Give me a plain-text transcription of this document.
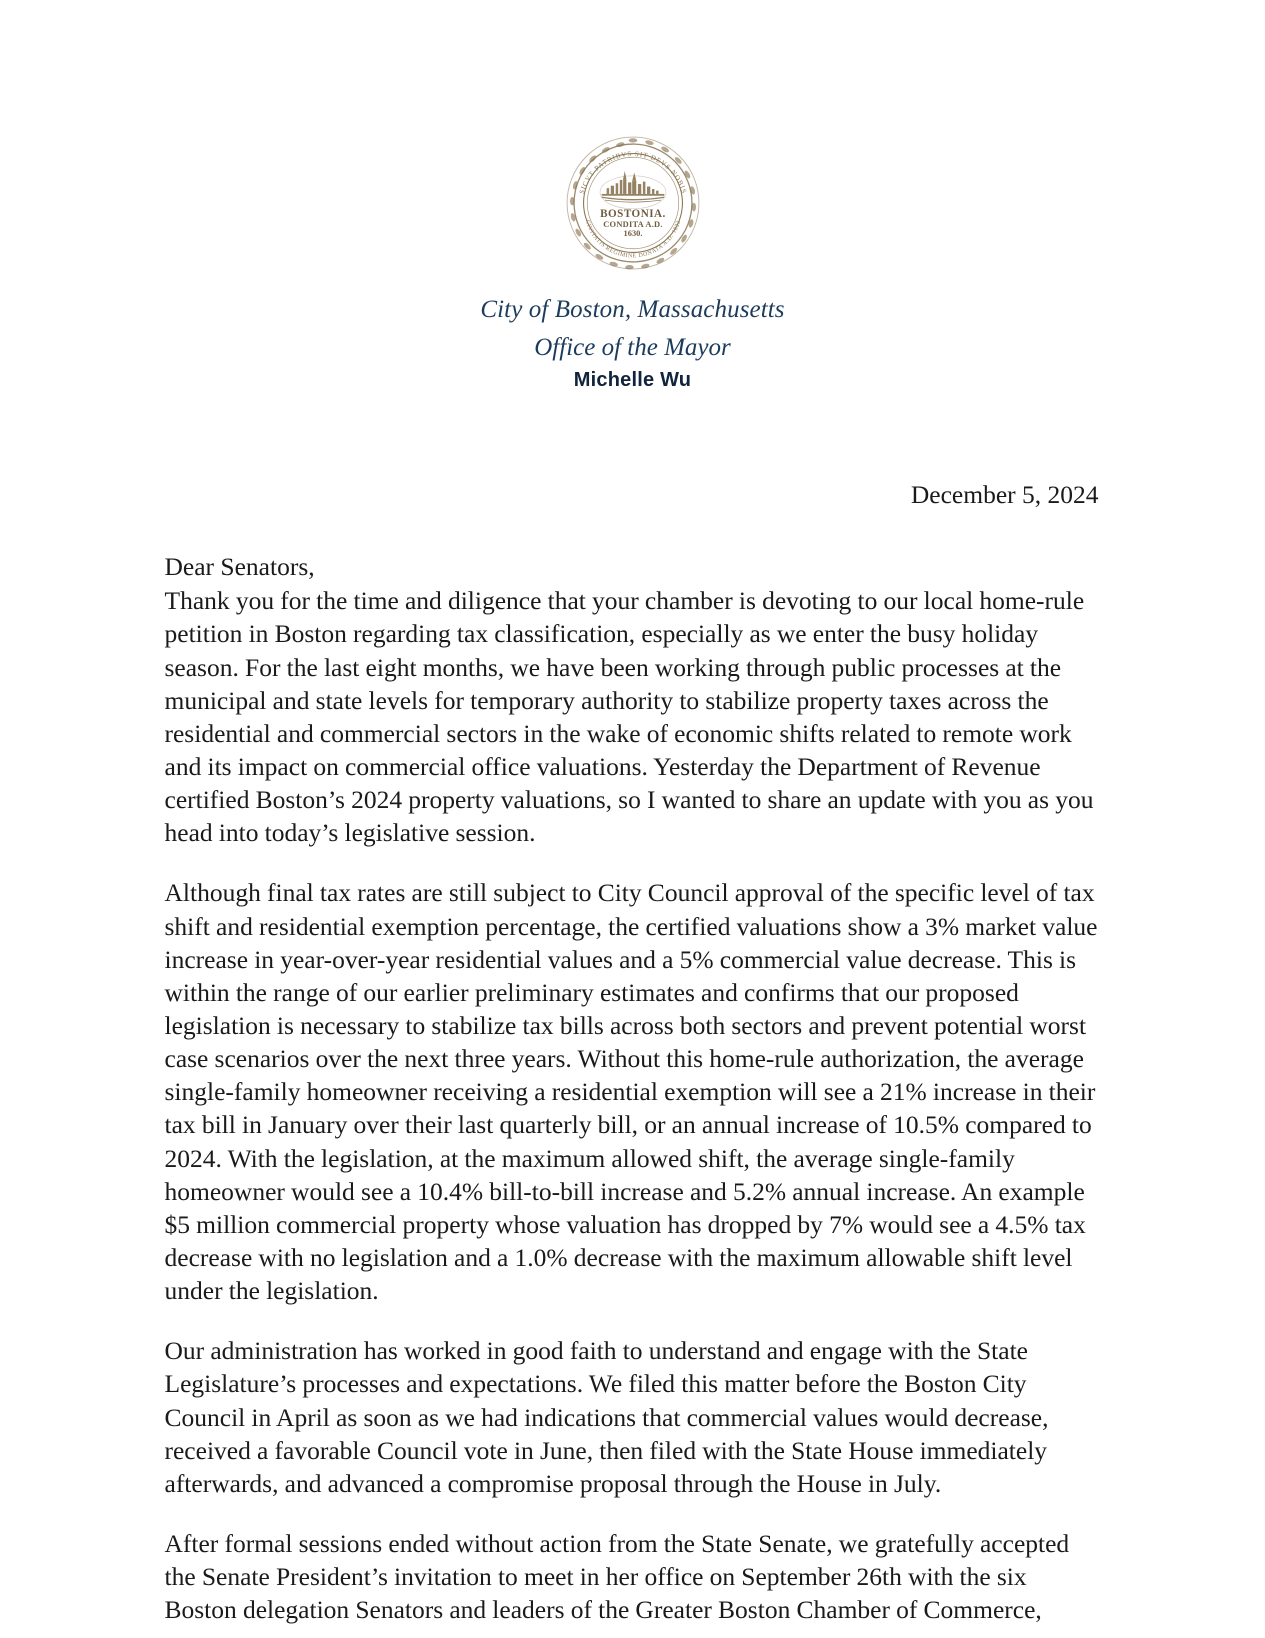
SICVT PATRIBVS SIT DEVS NOBIS
CIVITATIS REGIMINE DONATA A.D. 1822
BOSTONIA.
CONDITA A.D.
1630.
City of Boston, Massachusetts
Office of the Mayor
Michelle Wu
December 5, 2024
Dear Senators,

Thank you for the time and diligence that your chamber is devoting to our local home-rule petition in Boston regarding tax classification, especially as we enter the busy holiday season. For the last eight months, we have been working through public processes at the municipal and state levels for temporary authority to stabilize property taxes across the residential and commercial sectors in the wake of economic shifts related to remote work and its impact on commercial office valuations. Yesterday the Department of Revenue certified Boston’s 2024 property valuations, so I wanted to share an update with you as you head into today’s legislative session.

Although final tax rates are still subject to City Council approval of the specific level of tax shift and residential exemption percentage, the certified valuations show a 3% market value increase in year-over-year residential values and a 5% commercial value decrease. This is within the range of our earlier preliminary estimates and confirms that our proposed legislation is necessary to stabilize tax bills across both sectors and prevent potential worst case scenarios over the next three years. Without this home-rule authorization, the average single-family homeowner receiving a residential exemption will see a 21% increase in their tax bill in January over their last quarterly bill, or an annual increase of 10.5% compared to 2024. With the legislation, at the maximum allowed shift, the average single-family homeowner would see a 10.4% bill-to-bill increase and 5.2% annual increase. An example $5 million commercial property whose valuation has dropped by 7% would see a 4.5% tax decrease with no legislation and a 1.0% decrease with the maximum allowable shift level under the legislation.

Our administration has worked in good faith to understand and engage with the State Legislature’s processes and expectations. We filed this matter before the Boston City Council in April as soon as we had indications that commercial values would decrease, received a favorable Council vote in June, then filed with the State House immediately afterwards, and advanced a compromise proposal through the House in July.

After formal sessions ended without action from the State Senate, we gratefully accepted the Senate President’s invitation to meet in her office on September 26th with the six Boston delegation Senators and leaders of the Greater Boston Chamber of Commerce,
